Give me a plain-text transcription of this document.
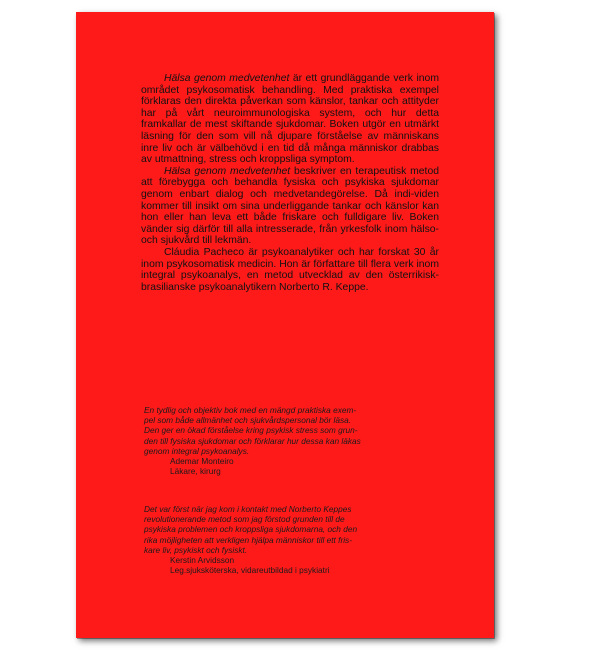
Hälsa genom medvetenhet är ett grundläggande verk inom området psykosomatisk behandling. Med praktiska exempel förklaras den direkta påverkan som känslor, tankar och attityder har på vårt neuroimmunologiska system, och hur detta framkallar de mest skiftande sjukdomar. Boken utgör en utmärkt läsning för den som vill nå djupare förståelse av människans inre liv och är välbehövd i en tid då många människor drabbas av utmattning, stress och kroppsliga symptom.

Hälsa genom medvetenhet beskriver en terapeutisk metod att förebygga och behandla fysiska och psykiska sjukdomar genom enbart dialog och medvetandegörelse. Då indi-viden kommer till insikt om sina underliggande tankar och känslor kan hon eller han leva ett både friskare och fulldigare liv. Boken vänder sig därför till alla intresserade, från yrkesfolk inom hälso- och sjukvård till lekmän.

Cláudia Pacheco är psykoanalytiker och har forskat 30 år inom psykosomatisk medicin. Hon är författare till flera verk inom integral psykoanalys, en metod utvecklad av den österrikisk-brasilianske psykoanalytikern Norberto R. Keppe.

En tydlig och objektiv bok med en mängd praktiska exem-
pel som både allmänhet och sjukvårdspersonal bör läsa.
Den ger en ökad förståelse kring psykisk stress som grun-
den till fysiska sjukdomar och förklarar hur dessa kan läkas
genom integral psykoanalys.
Ademar Monteiro
Läkare, kirurg
Det var först när jag kom i kontakt med Norberto Keppes
revolutionerande metod som jag förstod grunden till de
psykiska problemen och kroppsliga sjukdomarna, och den
rika möjligheten att verkligen hjälpa människor till ett fris-
kare liv, psykiskt och fysiskt.
Kerstin Arvidsson
Leg.sjuksköterska, vidareutbildad i psykiatri
